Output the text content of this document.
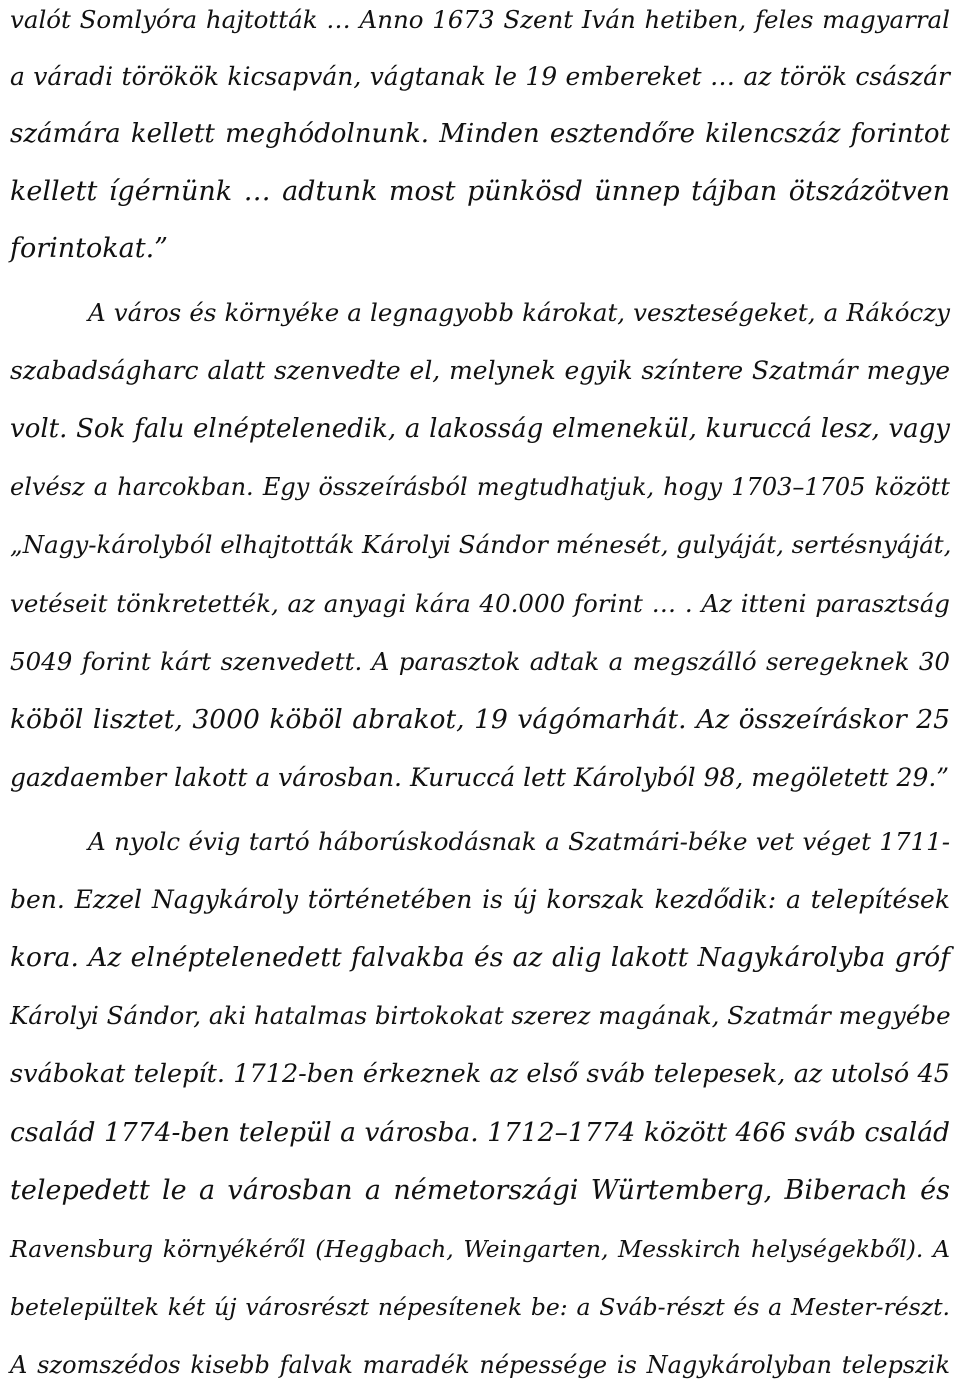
valót Somlyóra hajtották … Anno 1673 Szent Iván hetiben, feles magyarral
a váradi törökök kicsapván, vágtanak le 19 embereket … az török császár
számára kellett meghódolnunk. Minden esztendőre kilencszáz forintot
kellett ígérnünk … adtunk most pünkösd ünnep tájban ötszázötven
forintokat.”
A város és környéke a legnagyobb károkat, veszteségeket, a Rákóczy
szabadságharc alatt szenvedte el, melynek egyik színtere Szatmár megye
volt. Sok falu elnéptelenedik, a lakosság elmenekül, kuruccá lesz, vagy
elvész a harcokban. Egy összeírásból megtudhatjuk, hogy 1703–1705 között
„Nagy-károlyból elhajtották Károlyi Sándor ménesét, gulyáját, sertésnyáját,
vetéseit tönkretették, az anyagi kára 40.000 forint … . Az itteni parasztság
5049 forint kárt szenvedett. A parasztok adtak a megszálló seregeknek 30
köböl lisztet, 3000 köböl abrakot, 19 vágómarhát. Az összeíráskor 25
gazdaember lakott a városban. Kuruccá lett Károlyból 98, megöletett 29.”
A nyolc évig tartó háborúskodásnak a Szatmári-béke vet véget 1711-
ben. Ezzel Nagykároly történetében is új korszak kezdődik: a telepítések
kora. Az elnéptelenedett falvakba és az alig lakott Nagykárolyba gróf
Károlyi Sándor, aki hatalmas birtokokat szerez magának, Szatmár megyébe
svábokat telepít. 1712-ben érkeznek az első sváb telepesek, az utolsó 45
család 1774-ben települ a városba. 1712–1774 között 466 sváb család
telepedett le a városban a németországi Würtemberg, Biberach és
Ravensburg környékéről (Heggbach, Weingarten, Messkirch helységekből). A
betelepültek két új városrészt népesítenek be: a Sváb-részt és a Mester-részt.
A szomszédos kisebb falvak maradék népessége is Nagykárolyban telepszik
